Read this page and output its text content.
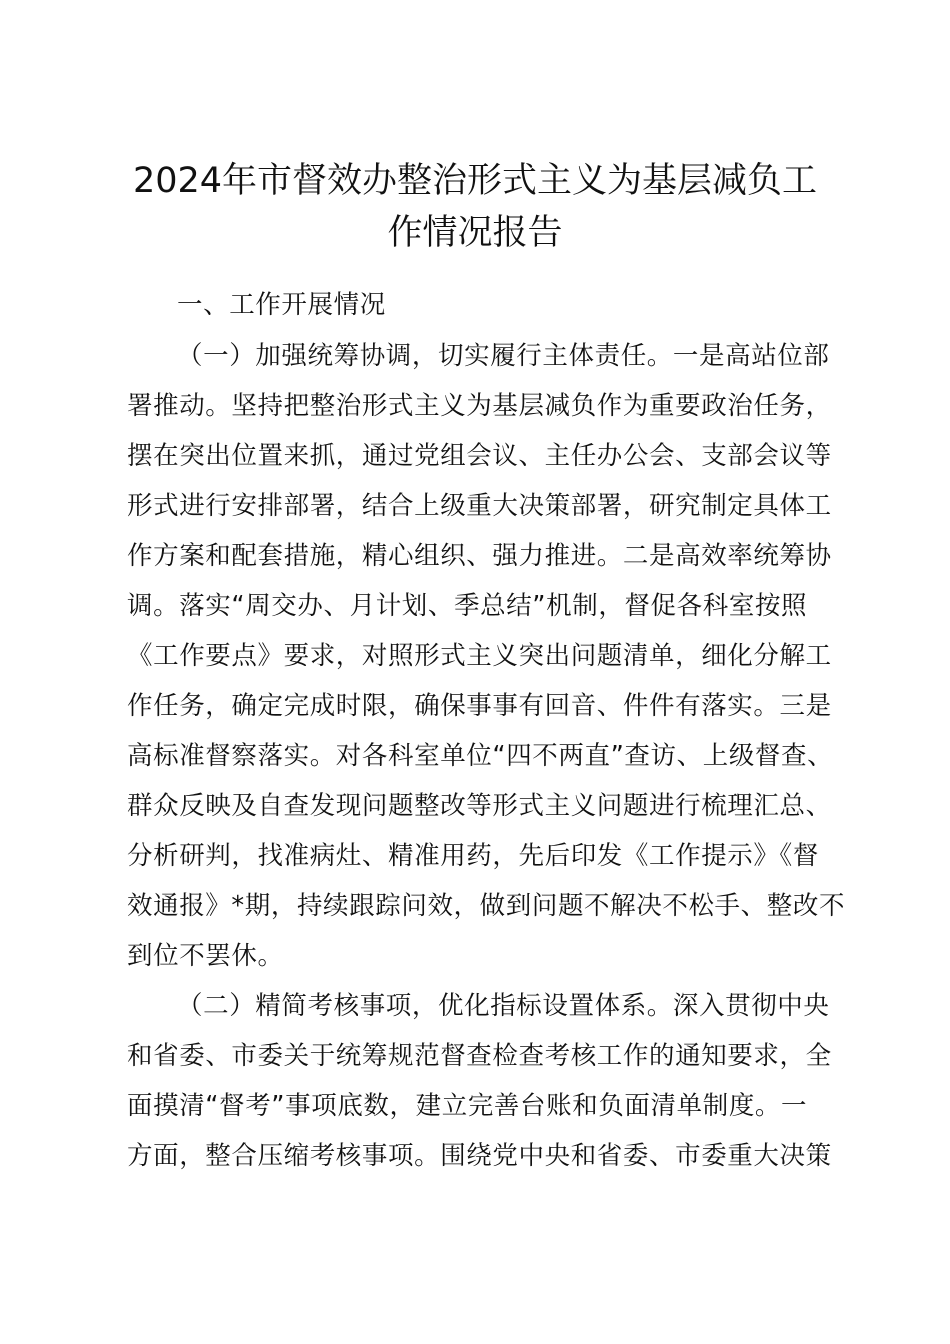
2024年市督效办整治形式主义为基层减负工
作情况报告
一、工作开展情况
（一）加强统筹协调，切实履行主体责任。一是高站位部
署推动。坚持把整治形式主义为基层减负作为重要政治任务，
摆在突出位置来抓，通过党组会议、主任办公会、支部会议等
形式进行安排部署，结合上级重大决策部署，研究制定具体工
作方案和配套措施，精心组织、强力推进。二是高效率统筹协
调。落实“周交办、月计划、季总结”机制，督促各科室按照
《工作要点》要求，对照形式主义突出问题清单，细化分解工
作任务，确定完成时限，确保事事有回音、件件有落实。三是
高标准督察落实。对各科室单位“四不两直”查访、上级督查、
群众反映及自查发现问题整改等形式主义问题进行梳理汇总、
分析研判，找准病灶、精准用药，先后印发《工作提示》《督
效通报》*期，持续跟踪问效，做到问题不解决不松手、整改不
到位不罢休。
（二）精简考核事项，优化指标设置体系。深入贯彻中央
和省委、市委关于统筹规范督查检查考核工作的通知要求，全
面摸清“督考”事项底数，建立完善台账和负面清单制度。一
方面，整合压缩考核事项。围绕党中央和省委、市委重大决策
